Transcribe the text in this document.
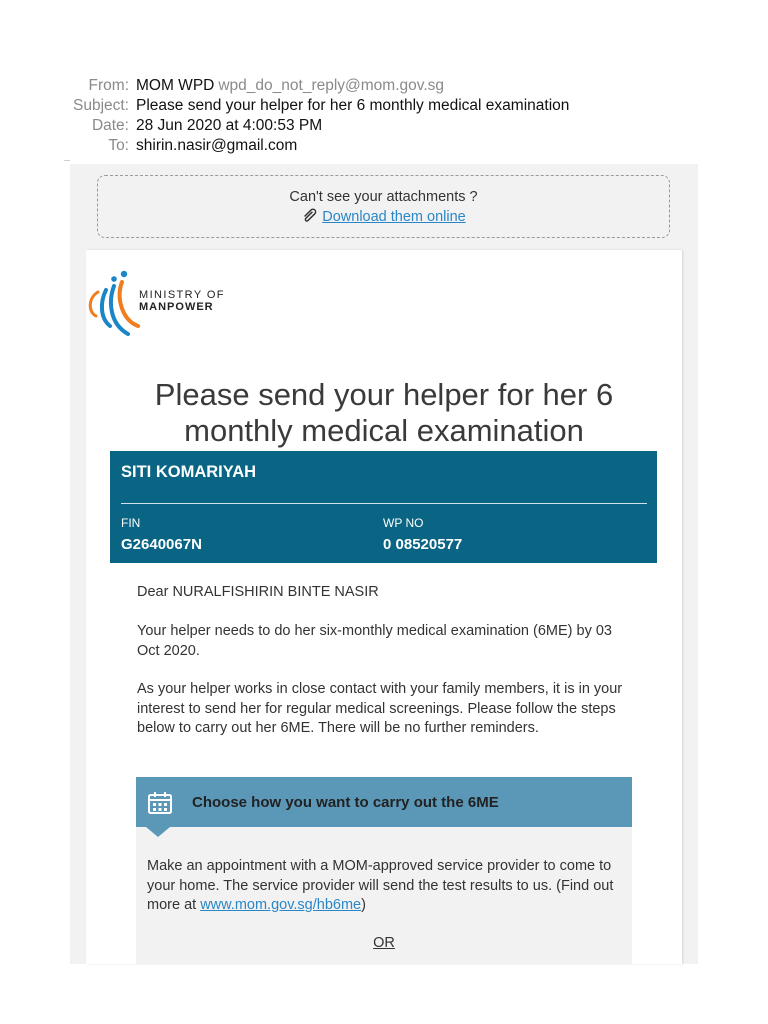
From: MOM WPD wpd_do_not_reply@mom.gov.sg
Subject: Please send your helper for her 6 monthly medical examination
Date: 28 Jun 2020 at 4:00:53 PM
To: shirin.nasir@gmail.com
Can't see your attachments ?
Download them online
MINISTRY OF
MANPOWER
Please send your helper for her 6 monthly medical examination
SITI KOMARIYAH
FIN
G2640067N
WP NO
0 08520577
Dear NURALFISHIRIN BINTE NASIR
Your helper needs to do her six-monthly medical examination (6ME) by 03 Oct 2020.
As your helper works in close contact with your family members, it is in your interest to send her for regular medical screenings. Please follow the steps below to carry out her 6ME. There will be no further reminders.
Choose how you want to carry out the 6ME
Make an appointment with a MOM-approved service provider to come to your home. The service provider will send the test results to us. (Find out more at www.mom.gov.sg/hb6me)
OR
